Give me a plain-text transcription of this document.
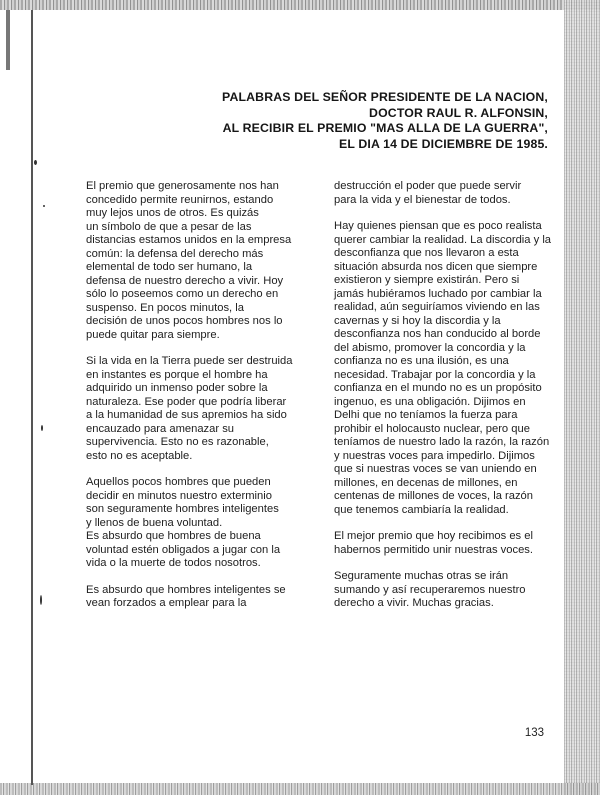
PALABRAS DEL SEÑOR PRESIDENTE DE LA NACION,
DOCTOR RAUL R. ALFONSIN,
AL RECIBIR EL PREMIO "MAS ALLA DE LA GUERRA",
EL DIA 14 DE DICIEMBRE DE 1985.
El premio que generosamente nos han
concedido permite reunirnos, estando
muy lejos unos de otros. Es quizás
un símbolo de que a pesar de las
distancias estamos unidos en la empresa
común: la defensa del derecho más
elemental de todo ser humano, la
defensa de nuestro derecho a vivir. Hoy
sólo lo poseemos como un derecho en
suspenso. En pocos minutos, la
decisión de unos pocos hombres nos lo
puede quitar para siempre.
Si la vida en la Tierra puede ser destruida
en instantes es porque el hombre ha
adquirido un inmenso poder sobre la
naturaleza. Ese poder que podría liberar
a la humanidad de sus apremios ha sido
encauzado para amenazar su
supervivencia. Esto no es razonable,
esto no es aceptable.
Aquellos pocos hombres que pueden
decidir en minutos nuestro exterminio
son seguramente hombres inteligentes
y llenos de buena voluntad.
Es absurdo que hombres de buena
voluntad estén obligados a jugar con la
vida o la muerte de todos nosotros.
Es absurdo que hombres inteligentes se
vean forzados a emplear para la
destrucción el poder que puede servir
para la vida y el bienestar de todos.
Hay quienes piensan que es poco realista
querer cambiar la realidad. La discordia y la
desconfianza que nos llevaron a esta
situación absurda nos dicen que siempre
existieron y siempre existirán. Pero si
jamás hubiéramos luchado por cambiar la
realidad, aún seguiríamos viviendo en las
cavernas y si hoy la discordia y la
desconfianza nos han conducido al borde
del abismo, promover la concordia y la
confianza no es una ilusión, es una
necesidad. Trabajar por la concordia y la
confianza en el mundo no es un propósito
ingenuo, es una obligación. Dijimos en
Delhi que no teníamos la fuerza para
prohibir el holocausto nuclear, pero que
teníamos de nuestro lado la razón, la razón
y nuestras voces para impedirlo. Dijimos
que si nuestras voces se van uniendo en
millones, en decenas de millones, en
centenas de millones de voces, la razón
que tenemos cambiaría la realidad.
El mejor premio que hoy recibimos es el
habernos permitido unir nuestras voces.
Seguramente muchas otras se irán
sumando y así recuperaremos nuestro
derecho a vivir. Muchas gracias.
133
